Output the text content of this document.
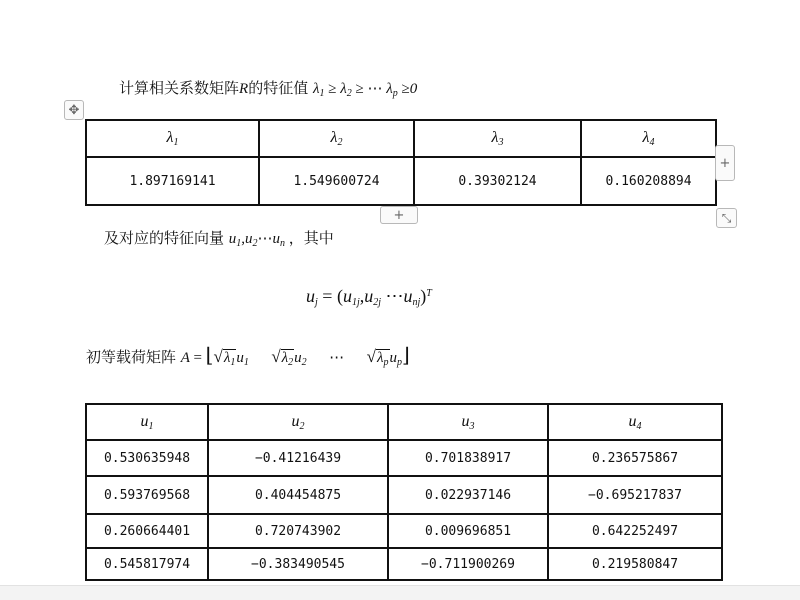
计算相关系数矩阵R的特征值 $\lambda_1 \ge \lambda_2$ ≥ ⋯ $\lambda_p \ge 0$
✥
$\lambda_1$	$\lambda_2$	$\lambda_3$	$\lambda_4$
1.897169141	1.549600724	0.39302124	0.160208894
+
+	⤡
及对应的特征向量 $u_1,u_2\cdots u_n$ ，其中
$u_j = (u_{1j},u_{2j}$ $\cdots u_{nj})^T$
初等载荷矩阵 $A = ⌊√\lambda_1u_1$ $√\lambda_2u_2$ ⋯ $√\lambda_pu_p⌋$
$u_1$	$u_2$	$u_3$	$u_4$
0.530635948	−0.41216439	0.701838917	0.236575867
0.593769568	0.404454875	0.022937146	−0.695217837
0.260664401	0.720743902	0.009696851	0.642252497
0.545817974	−0.383490545	−0.711900269	0.219580847
